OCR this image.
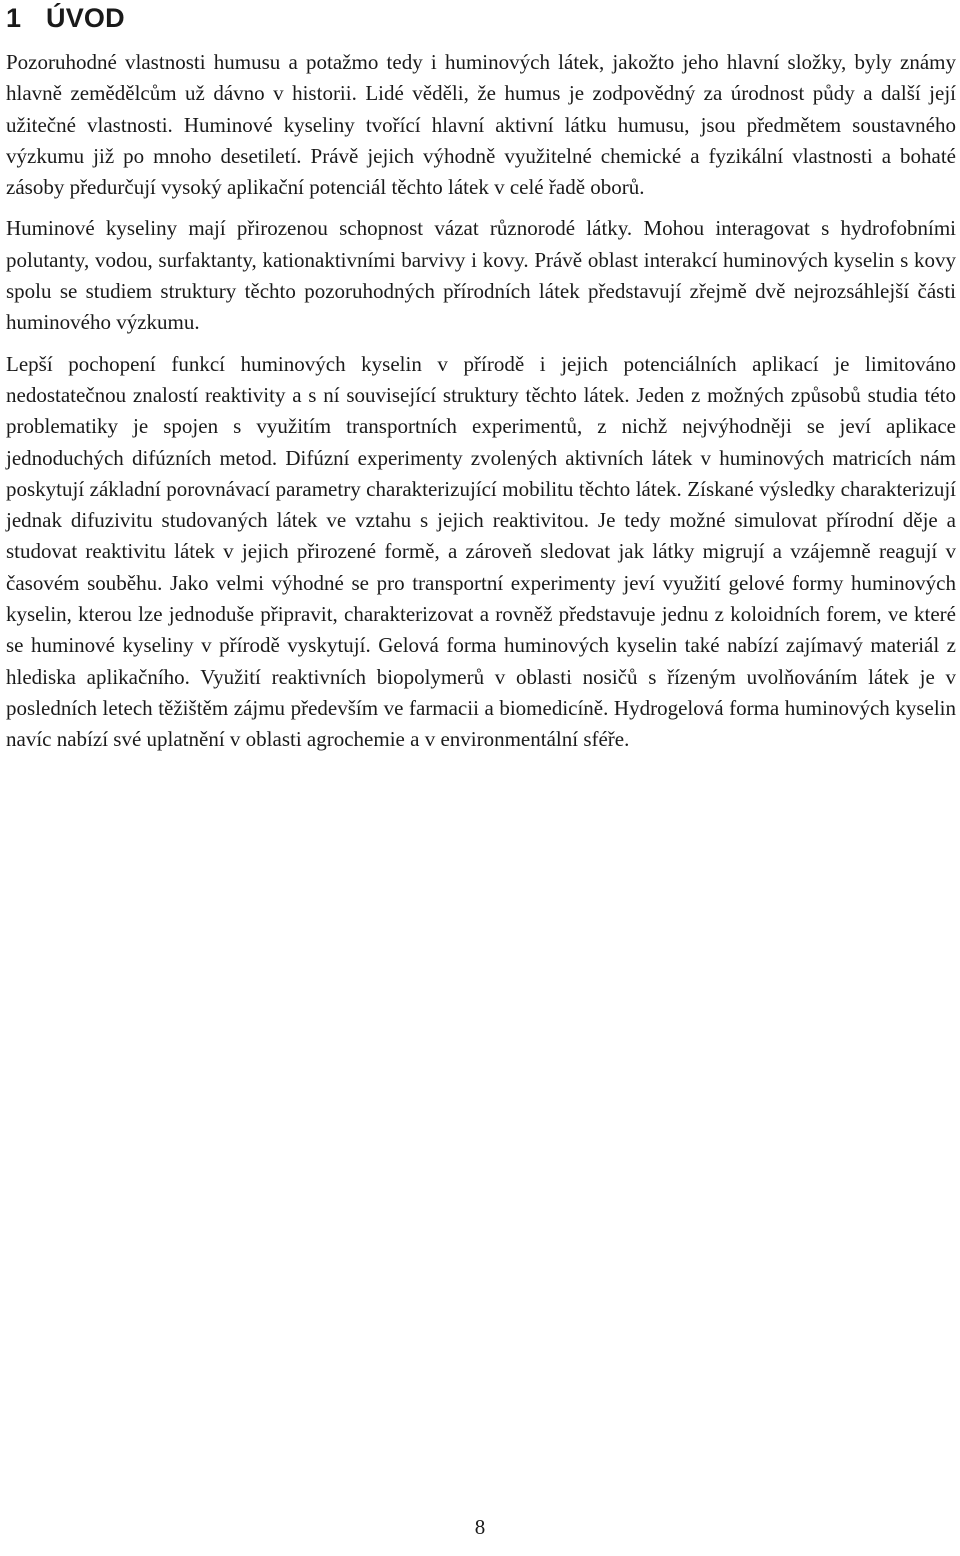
1 ÚVOD

Pozoruhodné vlastnosti humusu a potažmo tedy i huminových látek, jakožto jeho hlavní složky, byly známy hlavně zemědělcům už dávno v historii. Lidé věděli, že humus je zodpovědný za úrodnost půdy a další její užitečné vlastnosti. Huminové kyseliny tvořící hlavní aktivní látku humusu, jsou předmětem soustavného výzkumu již po mnoho desetiletí. Právě jejich výhodně využitelné chemické a fyzikální vlastnosti a bohaté zásoby předurčují vysoký aplikační potenciál těchto látek v celé řadě oborů.

Huminové kyseliny mají přirozenou schopnost vázat různorodé látky. Mohou interagovat s hydrofobními polutanty, vodou, surfaktanty, kationaktivními barvivy i kovy. Právě oblast interakcí huminových kyselin s kovy spolu se studiem struktury těchto pozoruhodných přírodních látek představují zřejmě dvě nejrozsáhlejší části huminového výzkumu.

Lepší pochopení funkcí huminových kyselin v přírodě i jejich potenciálních aplikací je limitováno nedostatečnou znalostí reaktivity a s ní související struktury těchto látek. Jeden z možných způsobů studia této problematiky je spojen s využitím transportních experimentů, z nichž nejvýhodněji se jeví aplikace jednoduchých difúzních metod. Difúzní experimenty zvolených aktivních látek v huminových matricích nám poskytují základní porovnávací parametry charakterizující mobilitu těchto látek. Získané výsledky charakterizují jednak difuzivitu studovaných látek ve vztahu s jejich reaktivitou. Je tedy možné simulovat přírodní děje a studovat reaktivitu látek v jejich přirozené formě, a zároveň sledovat jak látky migrují a vzájemně reagují v časovém souběhu. Jako velmi výhodné se pro transportní experimenty jeví využití gelové formy huminových kyselin, kterou lze jednoduše připravit, charakterizovat a rovněž představuje jednu z koloidních forem, ve které se huminové kyseliny v přírodě vyskytují. Gelová forma huminových kyselin také nabízí zajímavý materiál z hlediska aplikačního. Využití reaktivních biopolymerů v oblasti nosičů s řízeným uvolňováním látek je v posledních letech těžištěm zájmu především ve farmacii a biomedicíně. Hydrogelová forma huminových kyselin navíc nabízí své uplatnění v oblasti agrochemie a v environmentální sféře.

8
